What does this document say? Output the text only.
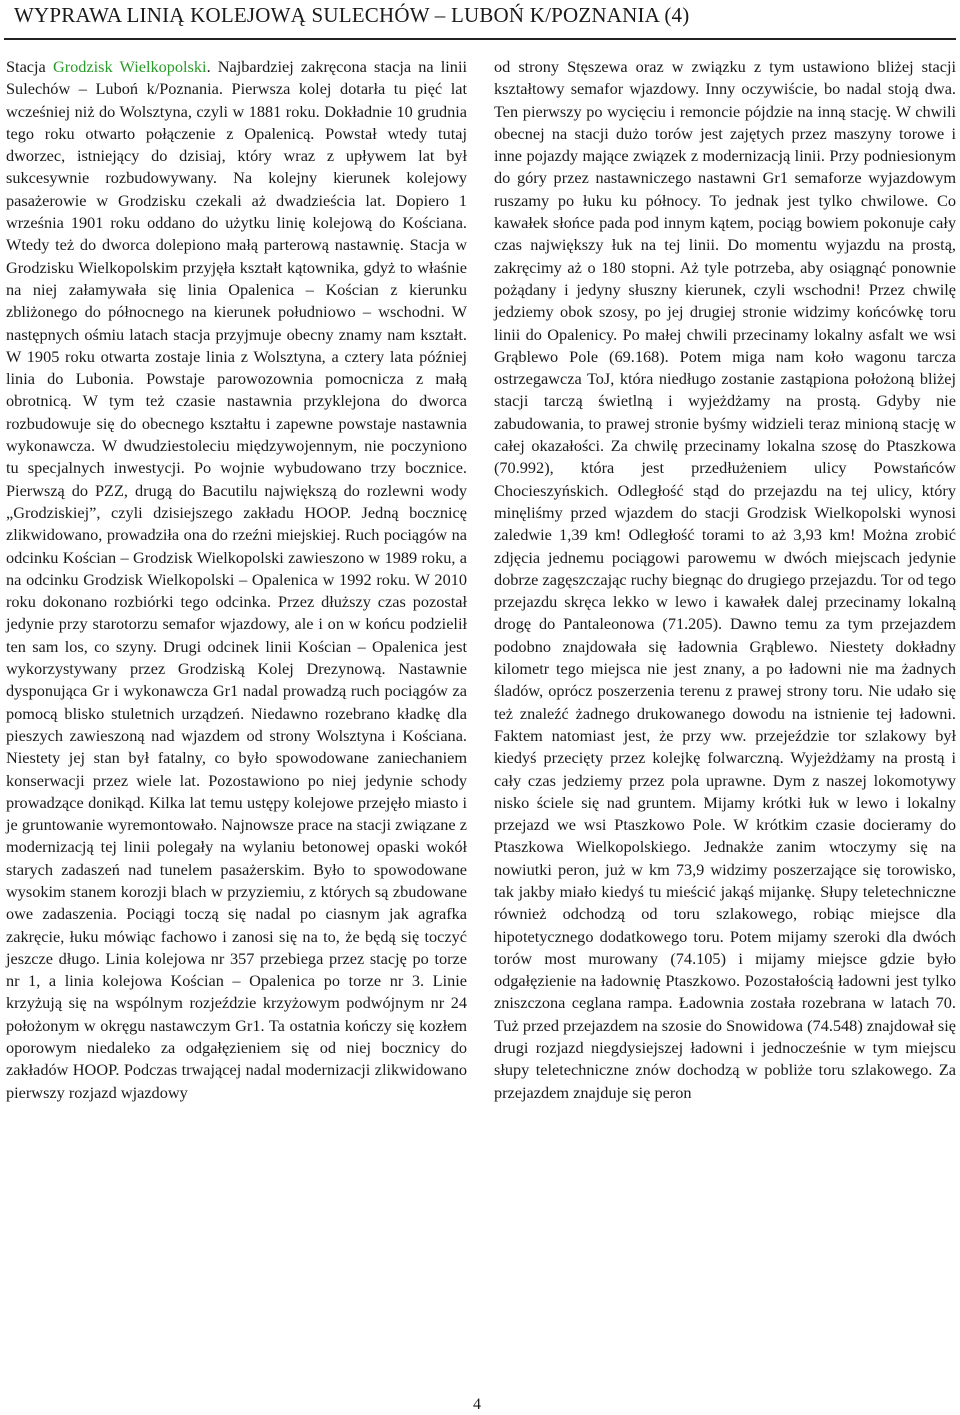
WYPRAWA LINIĄ KOLEJOWĄ SULECHÓW – LUBOŃ K/POZNANIA (4)

Stacja Grodzisk Wielkopolski. Najbardziej zakręcona stacja na linii Sulechów – Luboń k/Poznania. Pierwsza kolej dotarła tu pięć lat wcześniej niż do Wolsztyna, czyli w 1881 roku. Dokładnie 10 grudnia tego roku otwarto połączenie z Opalenicą. Powstał wtedy tutaj dworzec, istniejący do dzisiaj, który wraz z upływem lat był sukcesywnie rozbudowywany. Na kolejny kierunek kolejowy pasażerowie w Grodzisku czekali aż dwadzieścia lat. Dopiero 1 września 1901 roku oddano do użytku linię kolejową do Kościana. Wtedy też do dworca dolepiono małą parterową nastawnię. Stacja w Grodzisku Wielkopolskim przyjęła kształt kątownika, gdyż to właśnie na niej załamywała się linia Opalenica – Kościan z kierunku zbliżonego do północnego na kierunek południowo – wschodni. W następnych ośmiu latach stacja przyjmuje obecny znamy nam kształt. W 1905 roku otwarta zostaje linia z Wolsztyna, a cztery lata później linia do Lubonia. Powstaje parowozownia pomocnicza z małą obrotnicą. W tym też czasie nastawnia przyklejona do dworca rozbudowuje się do obecnego kształtu i zapewne powstaje nastawnia wykonawcza. W dwudziestoleciu międzywojennym, nie poczyniono tu specjalnych inwestycji. Po wojnie wybudowano trzy bocznice. Pierwszą do PZZ, drugą do Bacutilu największą do rozlewni wody „Grodziskiej”, czyli dzisiejszego zakładu HOOP. Jedną bocznicę zlikwidowano, prowadziła ona do rzeźni miejskiej. Ruch pociągów na odcinku Kościan – Grodzisk Wielkopolski zawieszono w 1989 roku, a na odcinku Grodzisk Wielkopolski – Opalenica w 1992 roku. W 2010 roku dokonano rozbiórki tego odcinka. Przez dłuższy czas pozostał jedynie przy starotorzu semafor wjazdowy, ale i on w końcu podzielił ten sam los, co szyny. Drugi odcinek linii Kościan – Opalenica jest wykorzystywany przez Grodziską Kolej Drezynową. Nastawnie dysponująca Gr i wykonawcza Gr1 nadal prowadzą ruch pociągów za pomocą blisko stuletnich urządzeń. Niedawno rozebrano kładkę dla pieszych zawieszoną nad wjazdem od strony Wolsztyna i Kościana. Niestety jej stan był fatalny, co było spowodowane zaniechaniem konserwacji przez wiele lat. Pozostawiono po niej jedynie schody prowadzące donikąd. Kilka lat temu ustępy kolejowe przejęło miasto i je gruntowanie wyremontowało. Najnowsze prace na stacji związane z modernizacją tej linii polegały na wylaniu betonowej opaski wokół starych zadaszeń nad tunelem pasażerskim. Było to spowodowane wysokim stanem korozji blach w przyziemiu, z których są zbudowane owe zadaszenia. Pociągi toczą się nadal po ciasnym jak agrafka zakręcie, łuku mówiąc fachowo i zanosi się na to, że będą się toczyć jeszcze długo. Linia kolejowa nr 357 przebiega przez stację po torze nr 1, a linia kolejowa Kościan – Opalenica po torze nr 3. Linie krzyżują się na wspólnym rozjeździe krzyżowym podwójnym nr 24 położonym w okręgu nastawczym Gr1. Ta ostatnia kończy się kozłem oporowym niedaleko za odgałęzieniem się od niej bocznicy do zakładów HOOP. Podczas trwającej nadal modernizacji zlikwidowano pierwszy rozjazd wjazdowy

od strony Stęszewa oraz w związku z tym ustawiono bliżej stacji kształtowy semafor wjazdowy. Inny oczywiście, bo nadal stoją dwa. Ten pierwszy po wycięciu i remoncie pójdzie na inną stację. W chwili obecnej na stacji dużo torów jest zajętych przez maszyny torowe i inne pojazdy mające związek z modernizacją linii. Przy podniesionym do góry przez nastawniczego nastawni Gr1 semaforze wyjazdowym ruszamy po łuku ku północy. To jednak jest tylko chwilowe. Co kawałek słońce pada pod innym kątem, pociąg bowiem pokonuje cały czas największy łuk na tej linii. Do momentu wyjazdu na prostą, zakręcimy aż o 180 stopni. Aż tyle potrzeba, aby osiągnąć ponownie pożądany i jedyny słuszny kierunek, czyli wschodni! Przez chwilę jedziemy obok szosy, po jej drugiej stronie widzimy końcówkę toru linii do Opalenicy. Po małej chwili przecinamy lokalny asfalt we wsi Grąblewo Pole (69.168). Potem miga nam koło wagonu tarcza ostrzegawcza ToJ, która niedługo zostanie zastąpiona położoną bliżej stacji tarczą świetlną i wyjeżdżamy na prostą. Gdyby nie zabudowania, to prawej stronie byśmy widzieli teraz minioną stację w całej okazałości. Za chwilę przecinamy lokalna szosę do Ptaszkowa (70.992), która jest przedłużeniem ulicy Powstańców Chocieszyńskich. Odległość stąd do przejazdu na tej ulicy, który minęliśmy przed wjazdem do stacji Grodzisk Wielkopolski wynosi zaledwie 1,39 km! Odległość torami to aż 3,93 km! Można zrobić zdjęcia jednemu pociągowi parowemu w dwóch miejscach jedynie dobrze zagęszczając ruchy biegnąc do drugiego przejazdu. Tor od tego przejazdu skręca lekko w lewo i kawałek dalej przecinamy lokalną drogę do Pantaleonowa (71.205). Dawno temu za tym przejazdem podobno znajdowała się ładownia Grąblewo. Niestety dokładny kilometr tego miejsca nie jest znany, a po ładowni nie ma żadnych śladów, oprócz poszerzenia terenu z prawej strony toru. Nie udało się też znaleźć żadnego drukowanego dowodu na istnienie tej ładowni. Faktem natomiast jest, że przy ww. przejeździe tor szlakowy był kiedyś przecięty przez kolejkę folwarczną. Wyjeżdżamy na prostą i cały czas jedziemy przez pola uprawne. Dym z naszej lokomotywy nisko ściele się nad gruntem. Mijamy krótki łuk w lewo i lokalny przejazd we wsi Ptaszkowo Pole. W krótkim czasie docieramy do Ptaszkowa Wielkopolskiego. Jednakże zanim wtoczymy się na nowiutki peron, już w km 73,9 widzimy poszerzające się torowisko, tak jakby miało kiedyś tu mieścić jakąś mijankę. Słupy teletechniczne również odchodzą od toru szlakowego, robiąc miejsce dla hipotetycznego dodatkowego toru. Potem mijamy szeroki dla dwóch torów most murowany (74.105) i mijamy miejsce gdzie było odgałęzienie na ładownię Ptaszkowo. Pozostałością ładowni jest tylko zniszczona ceglana rampa. Ładownia została rozebrana w latach 70. Tuż przed przejazdem na szosie do Snowidowa (74.548) znajdował się drugi rozjazd niegdysiejszej ładowni i jednocześnie w tym miejscu słupy teletechniczne znów dochodzą w pobliże toru szlakowego. Za przejazdem znajduje się peron

4
